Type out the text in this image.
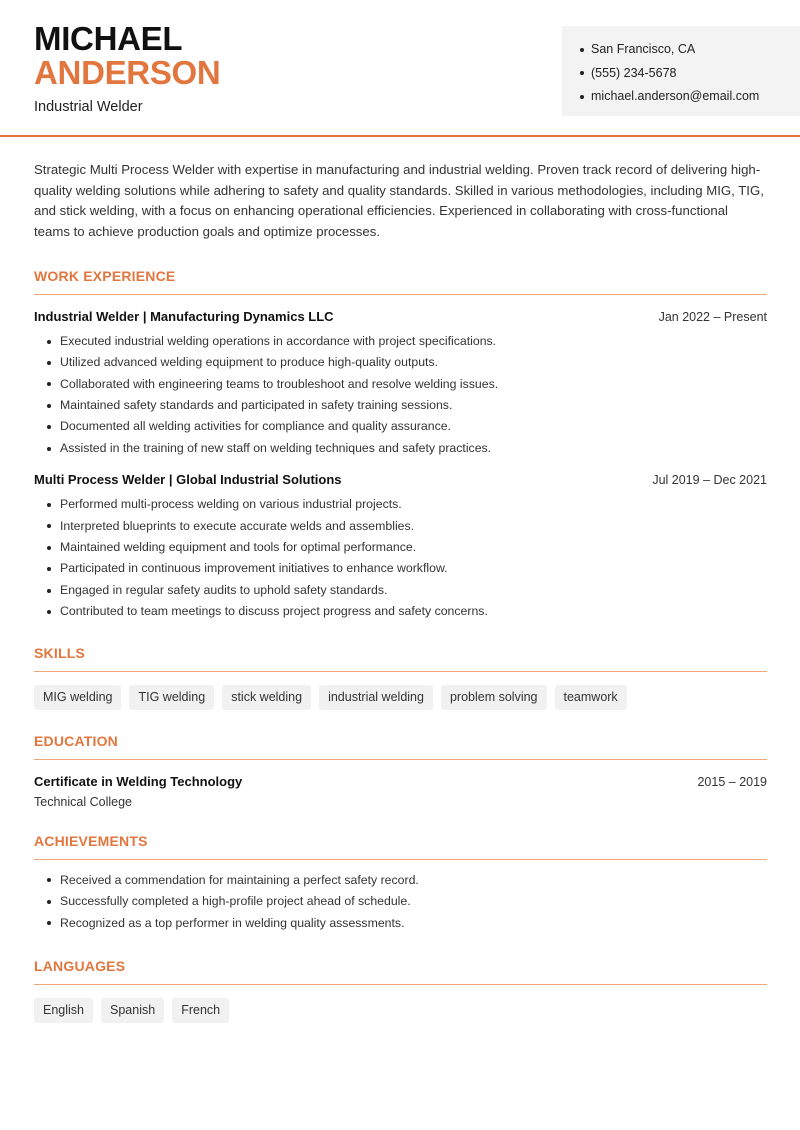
MICHAEL
ANDERSON
Industrial Welder
San Francisco, CA
(555) 234-5678
michael.anderson@email.com

Strategic Multi Process Welder with expertise in manufacturing and industrial welding. Proven track record of delivering high-quality welding solutions while adhering to safety and quality standards. Skilled in various methodologies, including MIG, TIG, and stick welding, with a focus on enhancing operational efficiencies. Experienced in collaborating with cross-functional teams to achieve production goals and optimize processes.

WORK EXPERIENCE
Industrial Welder | Manufacturing Dynamics LLC	Jan 2022 – Present
Executed industrial welding operations in accordance with project specifications.
Utilized advanced welding equipment to produce high-quality outputs.
Collaborated with engineering teams to troubleshoot and resolve welding issues.
Maintained safety standards and participated in safety training sessions.
Documented all welding activities for compliance and quality assurance.
Assisted in the training of new staff on welding techniques and safety practices.
Multi Process Welder | Global Industrial Solutions	Jul 2019 – Dec 2021
Performed multi-process welding on various industrial projects.
Interpreted blueprints to execute accurate welds and assemblies.
Maintained welding equipment and tools for optimal performance.
Participated in continuous improvement initiatives to enhance workflow.
Engaged in regular safety audits to uphold safety standards.
Contributed to team meetings to discuss project progress and safety concerns.
SKILLS
MIG welding	TIG welding	stick welding	industrial welding	problem solving	teamwork
EDUCATION
Certificate in Welding Technology	2015 – 2019
Technical College
ACHIEVEMENTS
Received a commendation for maintaining a perfect safety record.
Successfully completed a high-profile project ahead of schedule.
Recognized as a top performer in welding quality assessments.
LANGUAGES
English	Spanish	French
